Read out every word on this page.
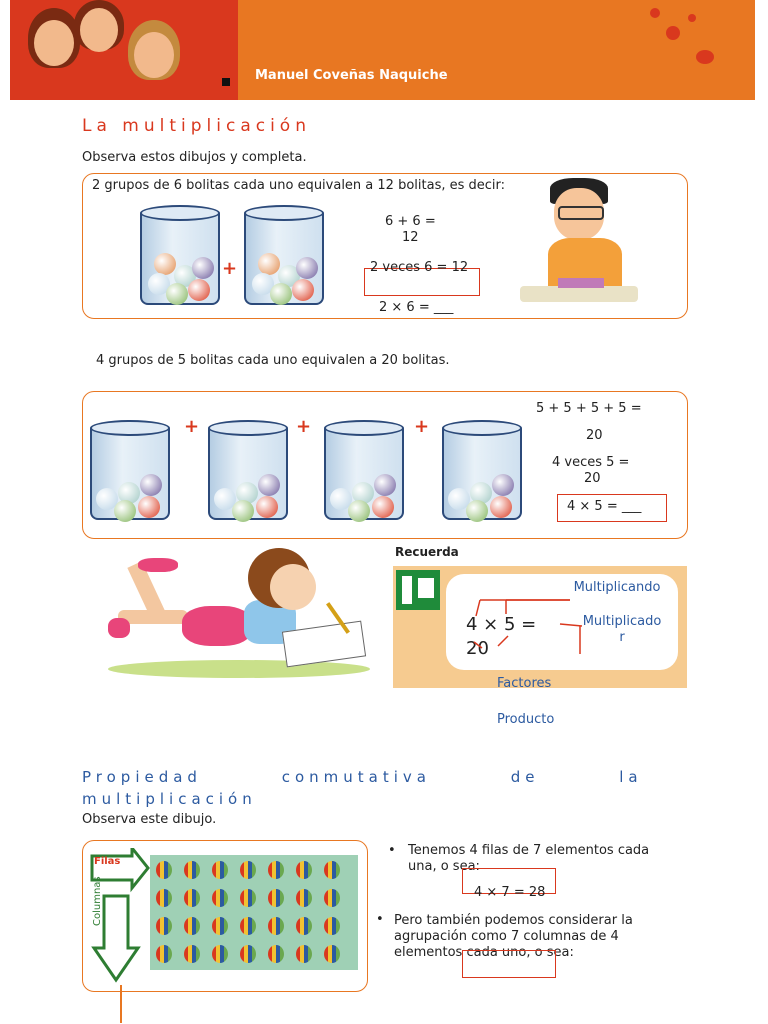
Manuel Coveñas Naquiche
La multiplicación
Observa estos dibujos y completa.
2 grupos de 6 bolitas cada uno equivalen a 12 bolitas, es decir:
+
6 + 6 =
12
2 veces 6 = 12
2 × 6 = ___
4 grupos de 5 bolitas cada uno equivalen a 20 bolitas.
+	+	+
5 + 5 + 5 + 5 =
20
4 veces 5 =
20
4 × 5 = ___
Recuerda
Multiplicando
Multiplicador
4 × 5 =
20
Factores
Producto
Propiedad conmutativa de la multiplicación
Observa este dibujo.
Filas
Columnas
• Tenemos 4 filas de 7 elementos cada una, o sea:
4 × 7 = 28
• Pero también podemos considerar la agrupación como 7 columnas de 4 elementos cada uno, o sea:
